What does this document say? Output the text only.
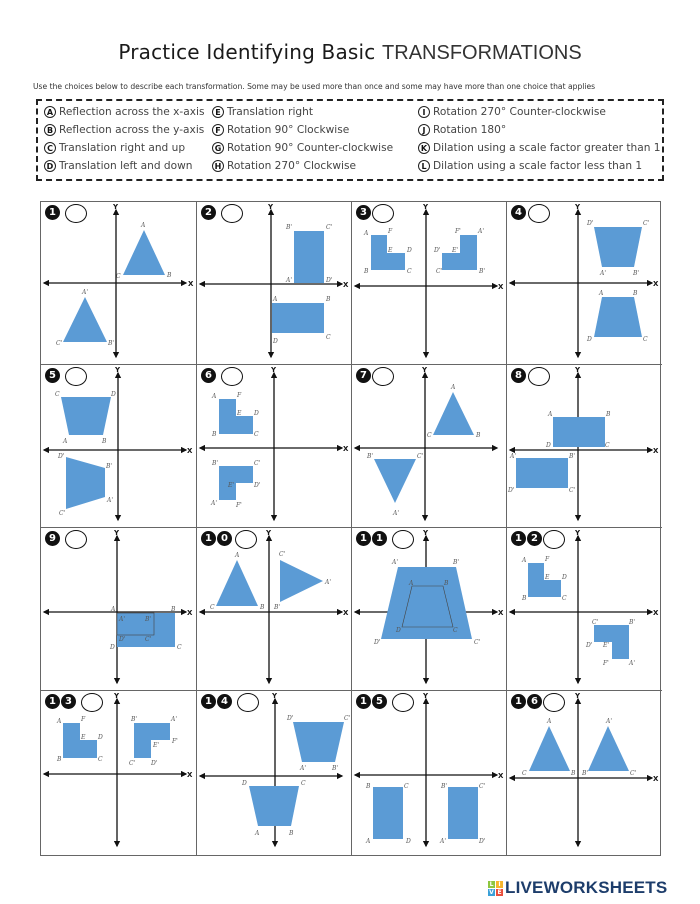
Practice Identifying Basic TRANSFORMATIONS
Use the choices below to describe each transformation. Some may be used more than once and some may have more than one choice that applies
A Reflection across the x-axis
B Reflection across the y-axis
C Translation right and up
D Translation left and down
E Translation right
F Rotation 90° Clockwise
G Rotation 90° Counter-clockwise
H Rotation 270° Clockwise
I Rotation 270° Counter-clockwise
J Rotation 180°
K Dilation using a scale factor greater than 1
L Dilation using a scale factor less than 1
X
Y
A
B
C
A'
B'
C'
1
X
Y
B'	C'
A'	D'
A	B
C
D
2
X
Y
A	F
E D
B	C
A'
F'
E'
D'
C'	B'
3
X
Y
D'	C'
A'	B'
A	B
C
D
4
X
Y
C	D
A	B
D'
B'
A'
C'
5
X
Y
A	F
E D
B	C
B'	C'
E'	D'
A'	F'
6	Y
A
B
C
B'	C'
A'
7
X
Y
A	B
C
D
A'	B'
C'
D'
8
X
Y
A	B
C
D
A'	B'
C'
D'
9
X
Y
A
B
C
C'
A'
B'
1 0
X
Y
A'	B'
C'
D'
A	B
C
D
1 1
X
Y
A	F
E D
B	C
C'	B'
D' E'
F'	A'
1 2
X
Y
A	F
E D
B	C
B'	A'
F'
E'
C'	D'
1 3	Y
D'	C'
A'	B'
D	C
A	B
1 4
X
Y
B	C
A	D
B'	C'
A'	D'
1 5
X
Y
A
B
C
A'
B'	C'
1 6
L I
V E LIVEWORKSHEETS
